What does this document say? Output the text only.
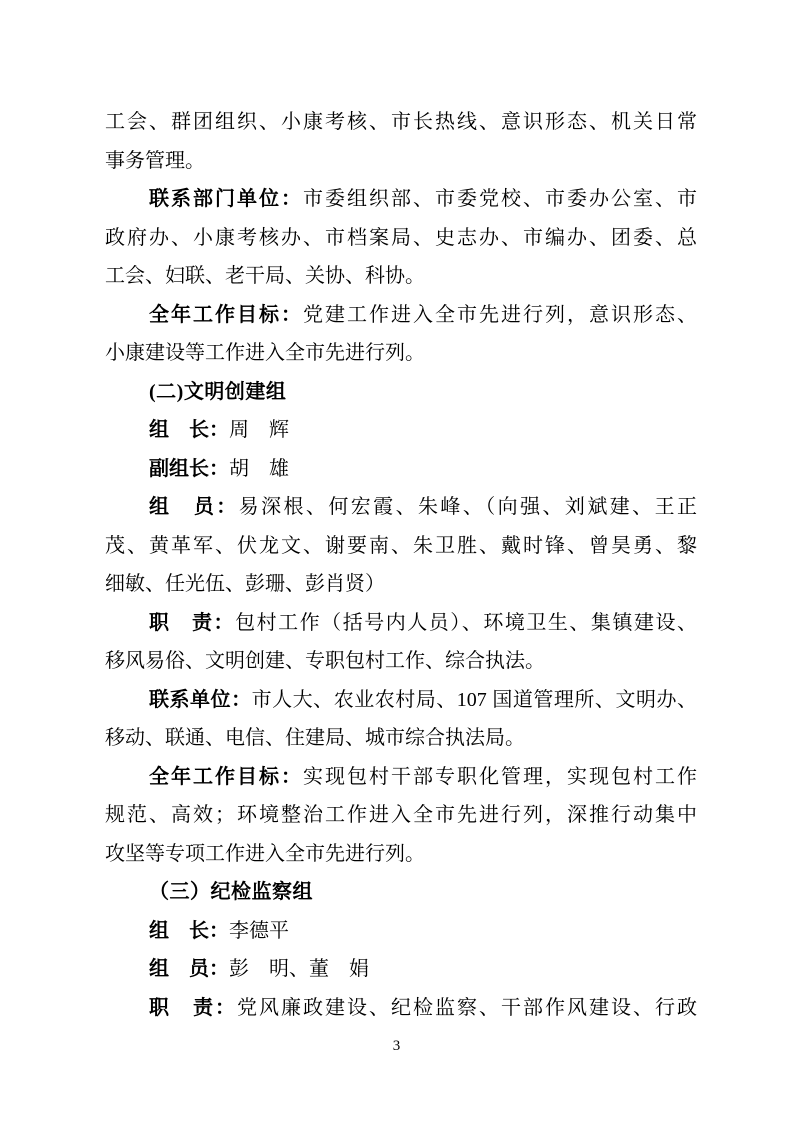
工会、群团组织、小康考核、市长热线、意识形态、机关日常
事务管理。
联系部门单位：市委组织部、市委党校、市委办公室、市
政府办、小康考核办、市档案局、史志办、市编办、团委、总
工会、妇联、老干局、关协、科协。
全年工作目标：党建工作进入全市先进行列，意识形态、
小康建设等工作进入全市先进行列。
(二)文明创建组
组　长：周　辉
副组长：胡　雄
组　员：易深根、何宏霞、朱峰、（向强、刘斌建、王正
茂、黄革军、伏龙文、谢要南、朱卫胜、戴时锋、曾昊勇、黎
细敏、任光伍、彭珊、彭肖贤）
职　责：包村工作（括号内人员）、环境卫生、集镇建设、
移风易俗、文明创建、专职包村工作、综合执法。
联系单位：市人大、农业农村局、107 国道管理所、文明办、
移动、联通、电信、住建局、城市综合执法局。
全年工作目标：实现包村干部专职化管理，实现包村工作
规范、高效；环境整治工作进入全市先进行列，深推行动集中
攻坚等专项工作进入全市先进行列。
（三）纪检监察组
组　长：李德平
组　员：彭　明、董　娟
职　责：党风廉政建设、纪检监察、干部作风建设、行政
3
